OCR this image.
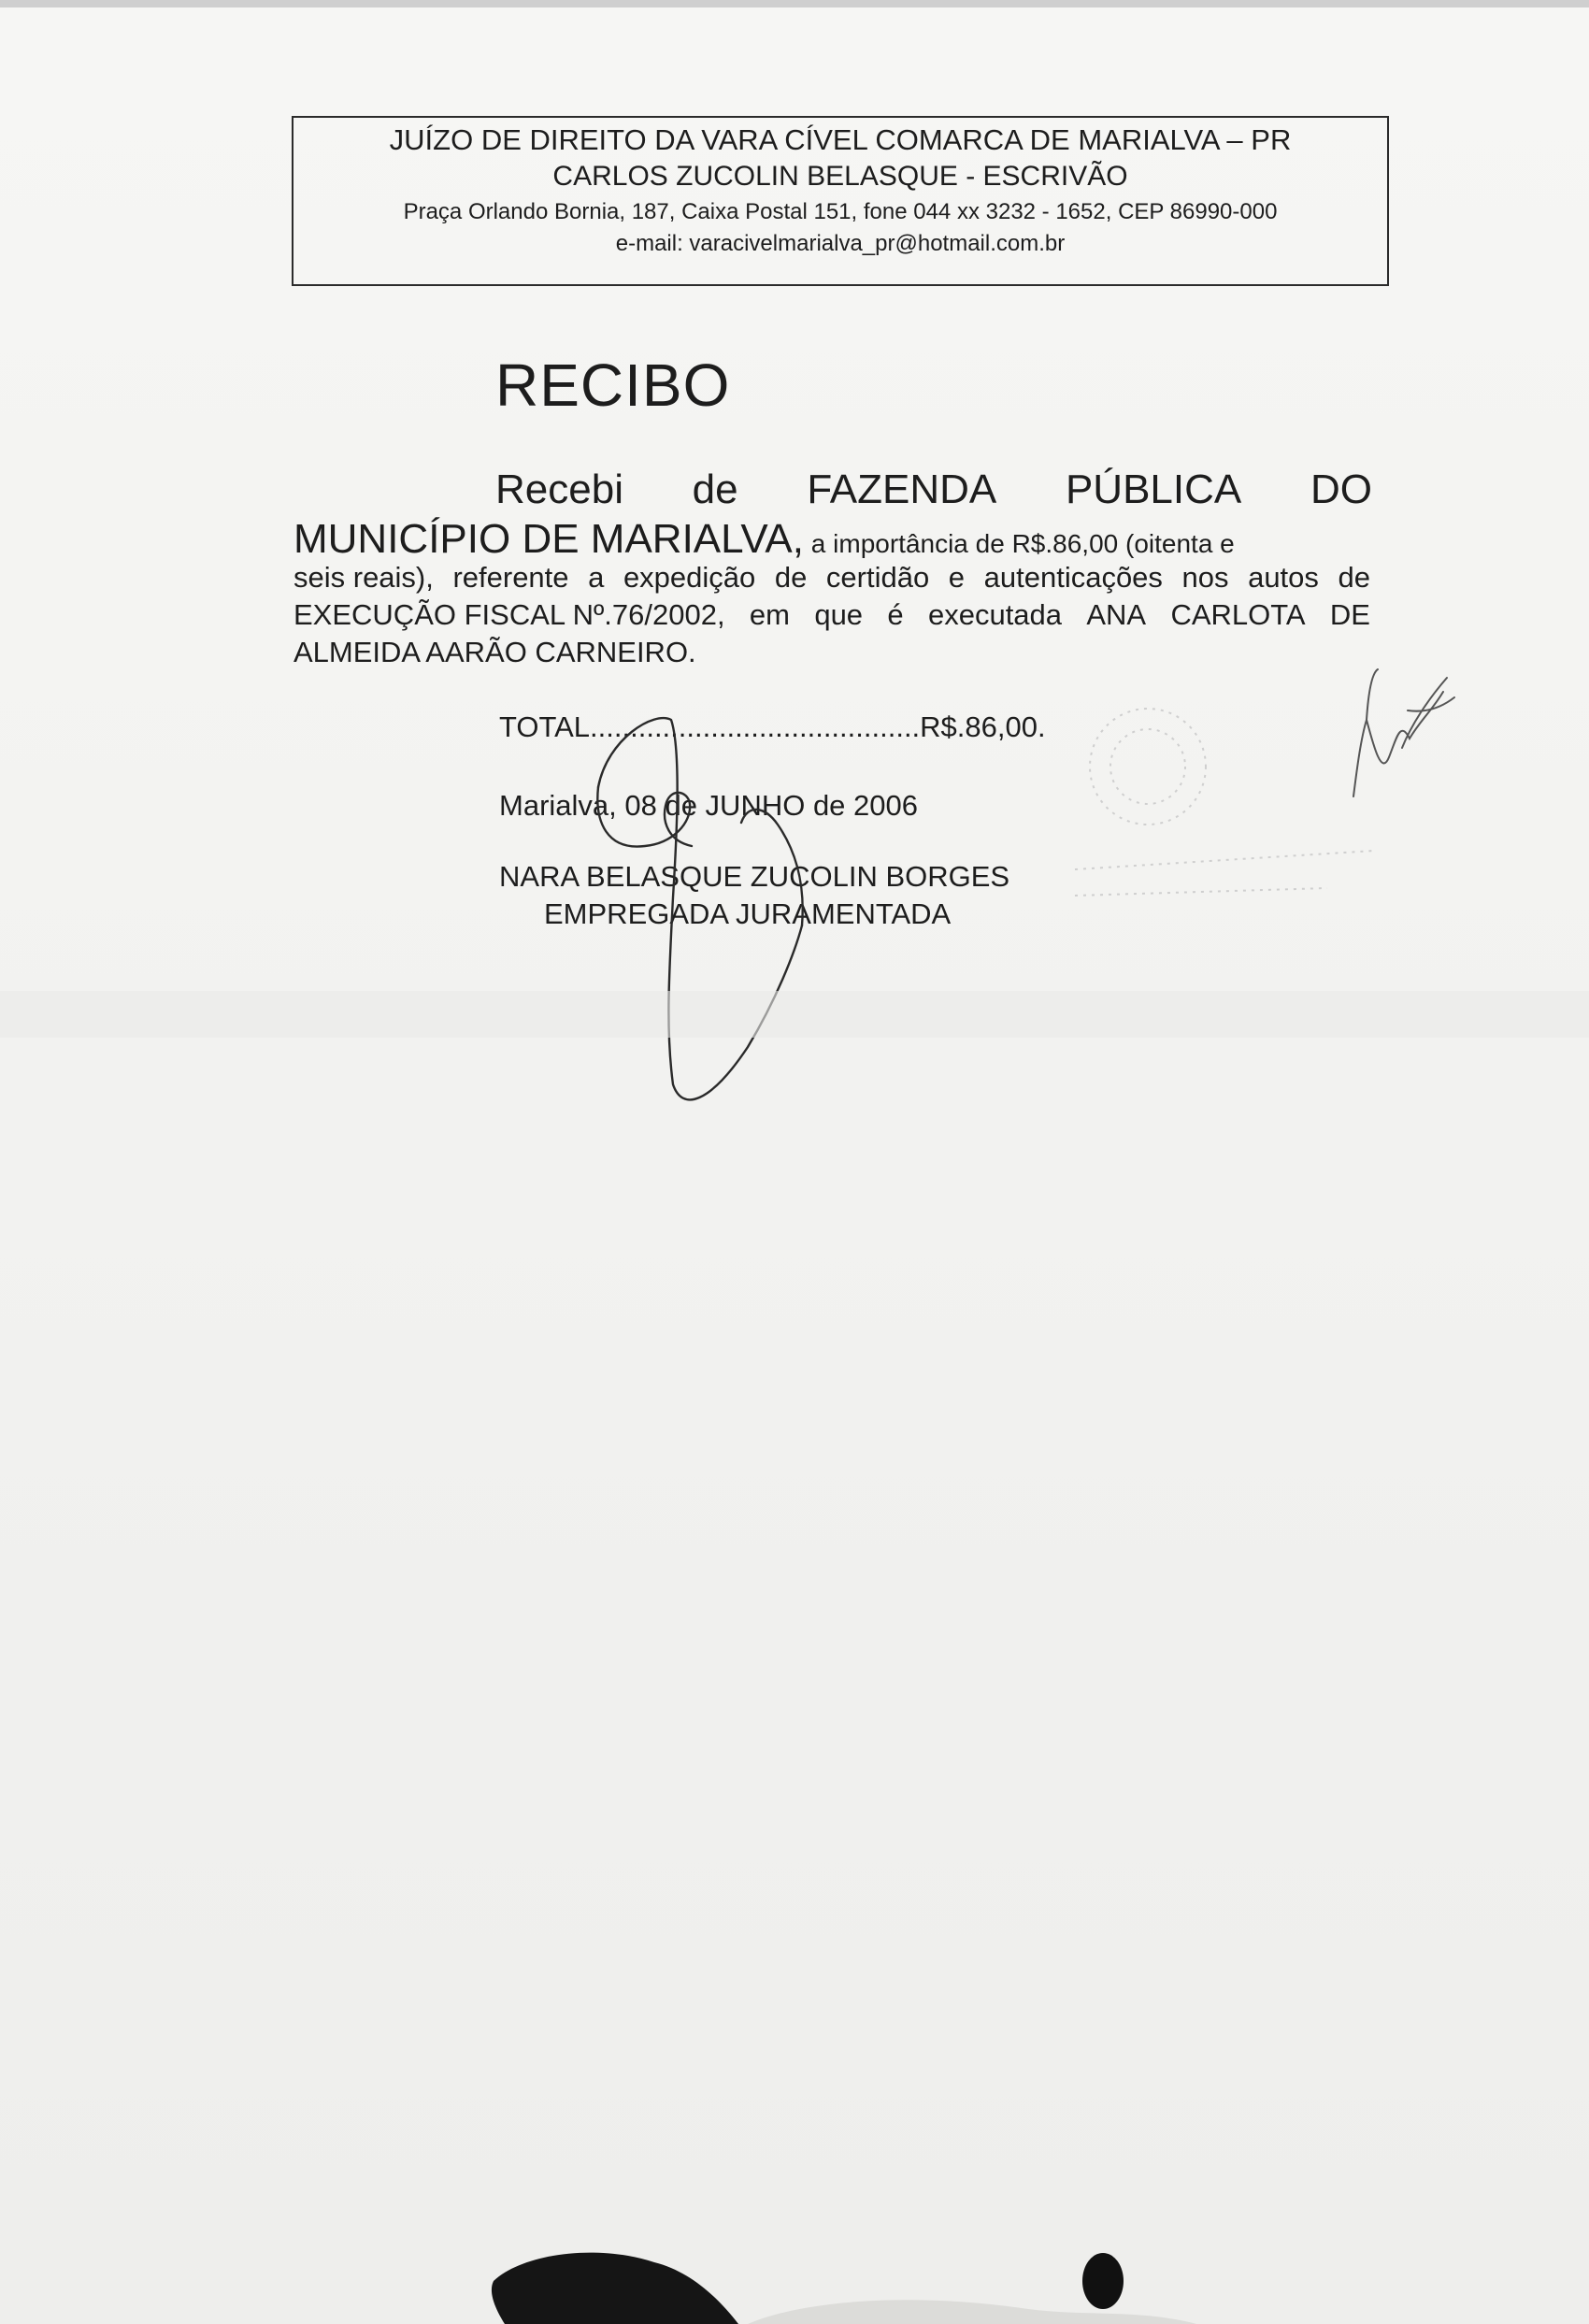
JUÍZO DE DIREITO DA VARA CÍVEL COMARCA DE MARIALVA – PR
CARLOS ZUCOLIN BELASQUE - ESCRIVÃO
Praça Orlando Bornia, 187, Caixa Postal 151, fone 044 xx 3232 - 1652, CEP 86990-000
e-mail: varacivelmarialva_pr@hotmail.com.br
RECIBO
Recebi de FAZENDA PÚBLICA DO
MUNICÍPIO DE MARIALVA, a importância de R$.86,00 (oitenta e
seis reais), referente a expedição de certidão e autenticações nos autos de
EXECUÇÃO FISCAL Nº.76/2002, em que é executada ANA CARLOTA DE
ALMEIDA AARÃO CARNEIRO.
TOTAL.........................................R$.86,00.
Marialva, 08 de JUNHO de 2006
NARA BELASQUE ZUCOLIN BORGES
EMPREGADA JURAMENTADA
